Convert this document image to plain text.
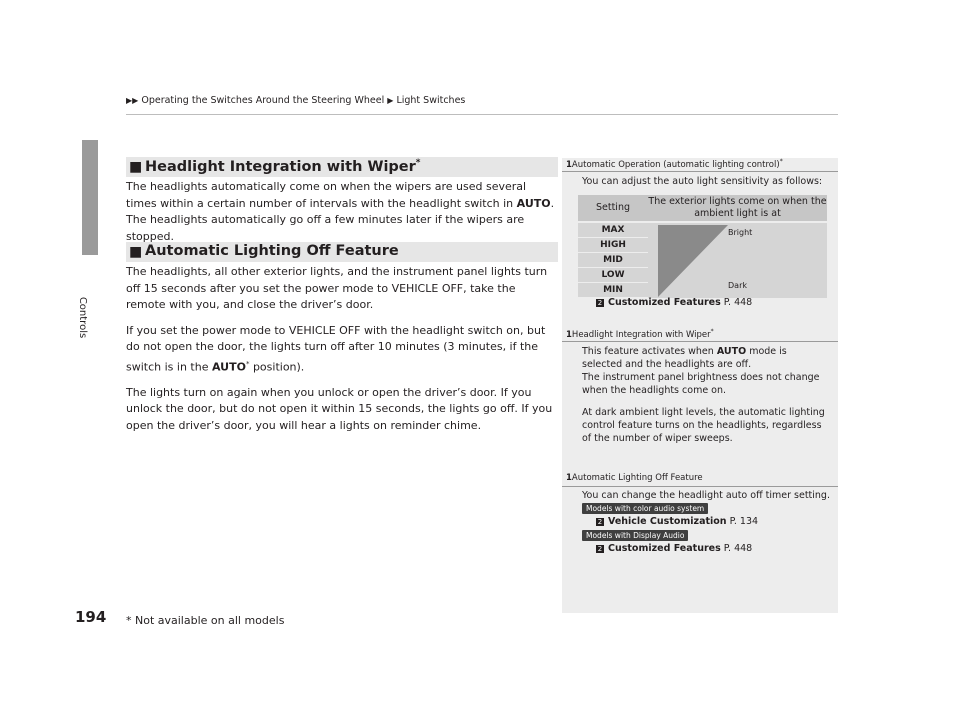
Controls
194 * Not available on all models
▶▶ Operating the Switches Around the Steering Wheel ▶ Light Switches
■ Headlight Integration with Wiper*

The headlights automatically come on when the wipers are used several times within a certain number of intervals with the headlight switch in AUTO.

The headlights automatically go off a few minutes later if the wipers are stopped.

■ Automatic Lighting Off Feature

The headlights, all other exterior lights, and the instrument panel lights turn off 15 seconds after you set the power mode to VEHICLE OFF, take the remote with you, and close the driver’s door.

If you set the power mode to VEHICLE OFF with the headlight switch on, but do not open the door, the lights turn off after 10 minutes (3 minutes, if the switch is in the AUTO* position).

The lights turn on again when you unlock or open the driver’s door. If you unlock the door, but do not open it within 15 seconds, the lights go off. If you open the driver’s door, you will hear a lights on reminder chime.

1Automatic Operation (automatic lighting control)*
You can adjust the auto light sensitivity as follows:
Setting
The exterior lights come on when the ambient light is at
MAX
HIGH
MID
LOW
MIN
Bright
Dark
2 Customized Features P. 448
1Headlight Integration with Wiper*
This feature activates when AUTO mode is selected and the headlights are off.
The instrument panel brightness does not change when the headlights come on.
At dark ambient light levels, the automatic lighting control feature turns on the headlights, regardless of the number of wiper sweeps.
1Automatic Lighting Off Feature
You can change the headlight auto off timer setting.
Models with color audio system
2 Vehicle Customization P. 134
Models with Display Audio
2 Customized Features P. 448
